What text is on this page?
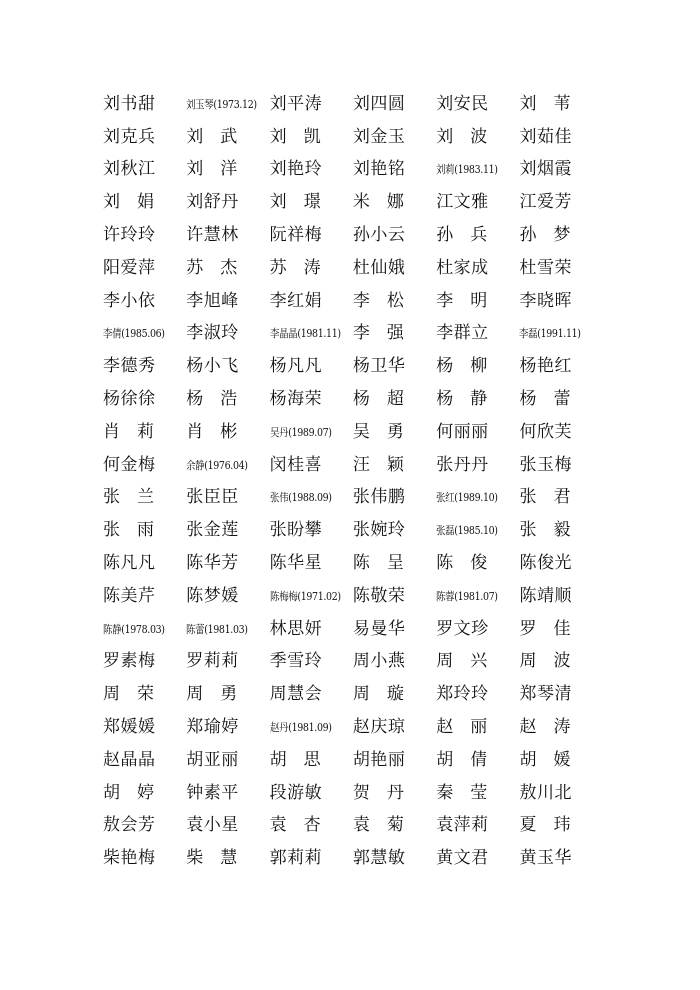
刘书甜	刘玉琴(1973.12) 刘平涛	刘四圆	刘安民	刘 苇
刘克兵	刘 武	刘 凯	刘金玉	刘 波	刘茹佳
刘秋江	刘 洋	刘艳玲	刘艳铭	刘莉(1983.11)	刘烟霞
刘 娟	刘舒丹	刘 璟	米 娜	江文雅	江爱芳
许玲玲	许慧林	阮祥梅	孙小云	孙 兵	孙 梦
阳爱萍	苏 杰	苏 涛	杜仙娥	杜家成	杜雪荣
李小依	李旭峰	李红娟	李 松	李 明	李晓晖
李倩(1985.06)	李淑玲	李晶晶(1981.11) 李 强	李群立	李磊(1991.11)
李德秀	杨小飞	杨凡凡	杨卫华	杨 柳	杨艳红
杨徐徐	杨 浩	杨海荣	杨 超	杨 静	杨 蕾
肖 莉	肖 彬	吴丹(1989.07)	吴 勇	何丽丽	何欣芙
何金梅	余静(1976.04)	闵桂喜	汪 颖	张丹丹	张玉梅
张 兰	张臣臣	张伟(1988.09)	张伟鹏	张红(1989.10)	张 君
张 雨	张金莲	张盼攀	张婉玲	张磊(1985.10)	张 毅
陈凡凡	陈华芳	陈华星	陈 呈	陈 俊	陈俊光
陈美芹	陈梦媛	陈梅梅(1971.02) 陈敬荣	陈蓉(1981.07)	陈靖顺
陈静(1978.03)	陈蕾(1981.03)	林思妍	易曼华	罗文珍	罗 佳
罗素梅	罗莉莉	季雪玲	周小燕	周 兴	周 波
周 荣	周 勇	周慧会	周 璇	郑玲玲	郑琴清
郑媛媛	郑瑜婷	赵丹(1981.09)	赵庆琼	赵 丽	赵 涛
赵晶晶	胡亚丽	胡 思	胡艳丽	胡 倩	胡 媛
胡 婷	钟素平	段游敏	贺 丹	秦 莹	敖川北
敖会芳	袁小星	袁 杏	袁 菊	袁萍莉	夏 玮
柴艳梅	柴 慧	郭莉莉	郭慧敏	黄文君	黄玉华
